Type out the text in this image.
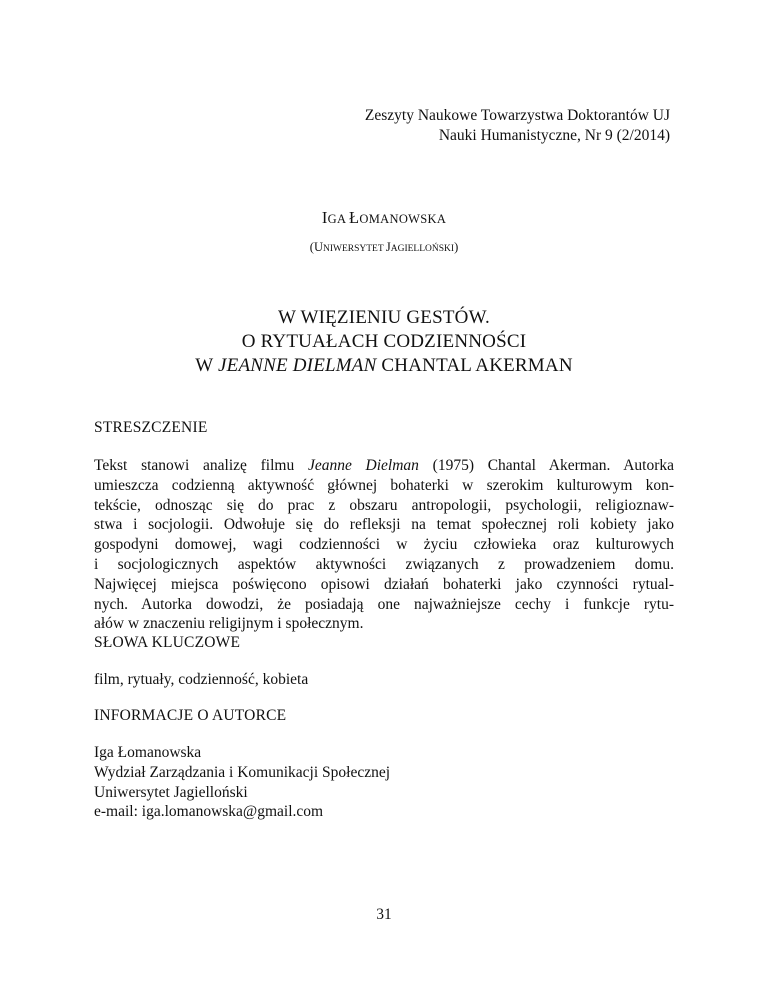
Zeszyty Naukowe Towarzystwa Doktorantów UJ
Nauki Humanistyczne, Nr 9 (2/2014)
IGA ŁOMANOWSKA
(UNIWERSYTET JAGIELLOŃSKI)
W WIĘZIENIU GESTÓW.
O RYTUAŁACH CODZIENNOŚCI
W JEANNE DIELMAN CHANTAL AKERMAN
STRESZCZENIE
Tekst stanowi analizę filmu Jeanne Dielman (1975) Chantal Akerman. Autorka
umieszcza codzienną aktywność głównej bohaterki w szerokim kulturowym kon-
tekście, odnosząc się do prac z obszaru antropologii, psychologii, religioznaw-
stwa i socjologii. Odwołuje się do refleksji na temat społecznej roli kobiety jako
gospodyni domowej, wagi codzienności w życiu człowieka oraz kulturowych
i socjologicznych aspektów aktywności związanych z prowadzeniem domu.
Najwięcej miejsca poświęcono opisowi działań bohaterki jako czynności rytual-
nych. Autorka dowodzi, że posiadają one najważniejsze cechy i funkcje rytu-
ałów w znaczeniu religijnym i społecznym.
SŁOWA KLUCZOWE
film, rytuały, codzienność, kobieta
INFORMACJE O AUTORCE
Iga Łomanowska
Wydział Zarządzania i Komunikacji Społecznej
Uniwersytet Jagielloński
e-mail: iga.lomanowska@gmail.com
31
